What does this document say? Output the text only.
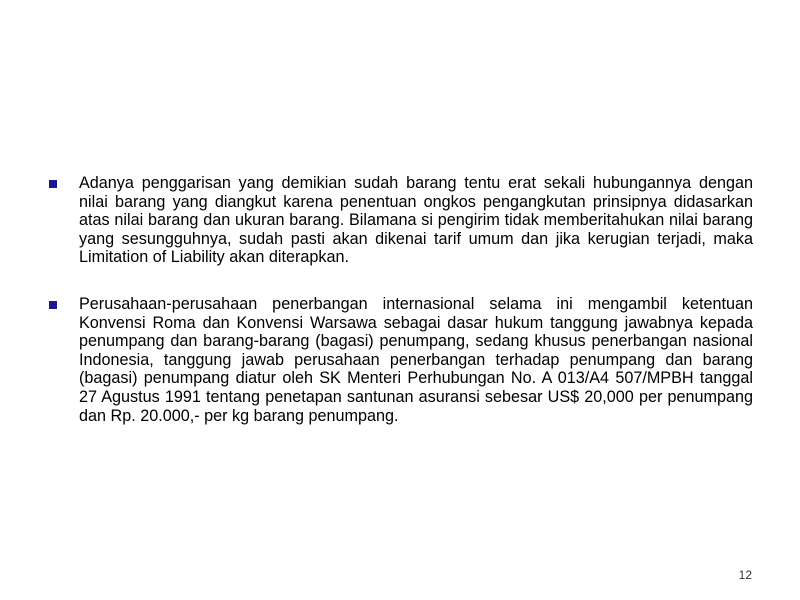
Adanya penggarisan yang demikian sudah barang tentu erat sekali hubungannya dengan nilai barang yang diangkut karena penentuan ongkos pengangkutan prinsipnya didasarkan atas nilai barang dan ukuran barang. Bilamana si pengirim tidak memberitahukan nilai barang yang sesungguhnya, sudah pasti akan dikenai tarif umum dan jika kerugian terjadi, maka Limitation of Liability akan diterapkan.
Perusahaan-perusahaan penerbangan internasional selama ini mengambil ketentuan Konvensi Roma dan Konvensi Warsawa sebagai dasar hukum tanggung jawabnya kepada penumpang dan barang-barang (bagasi) penumpang, sedang khusus penerbangan nasional Indonesia, tanggung jawab perusahaan penerbangan terhadap penumpang dan barang (bagasi) penumpang diatur oleh SK Menteri Perhubungan No. A 013/A4 507/MPBH tanggal 27 Agustus 1991 tentang penetapan santunan asuransi sebesar US$ 20,000 per penumpang dan Rp. 20.000,- per kg barang penumpang.
12
